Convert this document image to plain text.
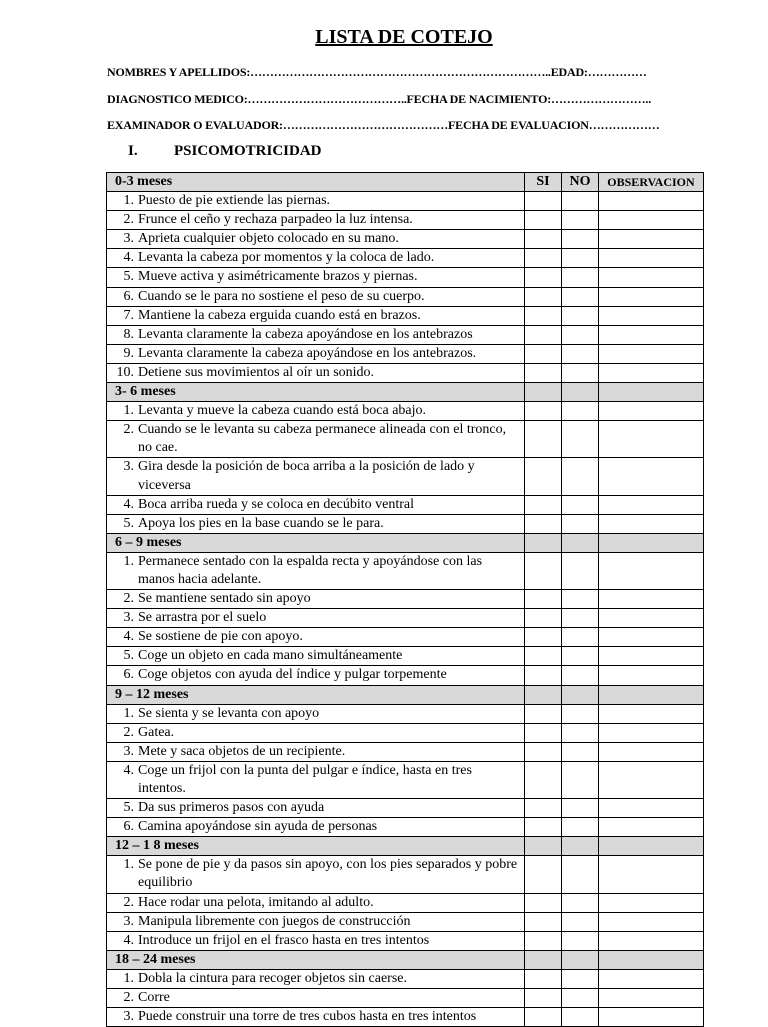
LISTA DE COTEJO
NOMBRES Y APELLIDOS:…………………………………………………………………..EDAD:……………
DIAGNOSTICO MEDICO:…………………………………..FECHA DE NACIMIENTO:……………………..
EXAMINADOR O EVALUADOR:……………………………………FECHA DE EVALUACION………………
I. PSICOMOTRICIDAD
0-3 meses	SI	NO	OBSERVACION

1. Puesto de pie extiende las piernas.			

2. Frunce el ceño y rechaza parpadeo la luz intensa.			

3. Aprieta cualquier objeto colocado en su mano.			

4. Levanta la cabeza por momentos y la coloca de lado.			

5. Mueve activa y asimétricamente brazos y piernas.			

6. Cuando se le para no sostiene el peso de su cuerpo.			

7. Mantiene la cabeza erguida cuando está en brazos.			

8. Levanta claramente la cabeza apoyándose en los antebrazos			

9. Levanta claramente la cabeza apoyándose en los antebrazos.			

10. Detiene sus movimientos al oír un sonido.			

3- 6 meses			

1. Levanta y mueve la cabeza cuando está boca abajo.			

2. Cuando se le levanta su cabeza permanece alineada con el tronco, no cae.			

3. Gira desde la posición de boca arriba a la posición de lado y viceversa			

4. Boca arriba rueda y se coloca en decúbito ventral			

5. Apoya los pies en la base cuando se le para.			

6 – 9 meses			

1. Permanece sentado con la espalda recta y apoyándose con las manos hacia adelante.			

2. Se mantiene sentado sin apoyo			

3. Se arrastra por el suelo			

4. Se sostiene de pie con apoyo.			

5. Coge un objeto en cada mano simultáneamente			

6. Coge objetos con ayuda del índice y pulgar torpemente			

9 – 12 meses			

1. Se sienta y se levanta con apoyo			

2. Gatea.			

3. Mete y saca objetos de un recipiente.			

4. Coge un frijol con la punta del pulgar e índice, hasta en tres intentos.			

5. Da sus primeros pasos con ayuda			

6. Camina apoyándose sin ayuda de personas			

12 – 1 8 meses			

1. Se pone de pie y da pasos sin apoyo, con los pies separados y pobre equilibrio			

2. Hace rodar una pelota, imitando al adulto.			

3. Manipula libremente con juegos de construcción			

4. Introduce un frijol en el frasco hasta en tres intentos			

18 – 24 meses			

1. Dobla la cintura para recoger objetos sin caerse.			

2. Corre			

3. Puede construir una torre de tres cubos hasta en tres intentos			
